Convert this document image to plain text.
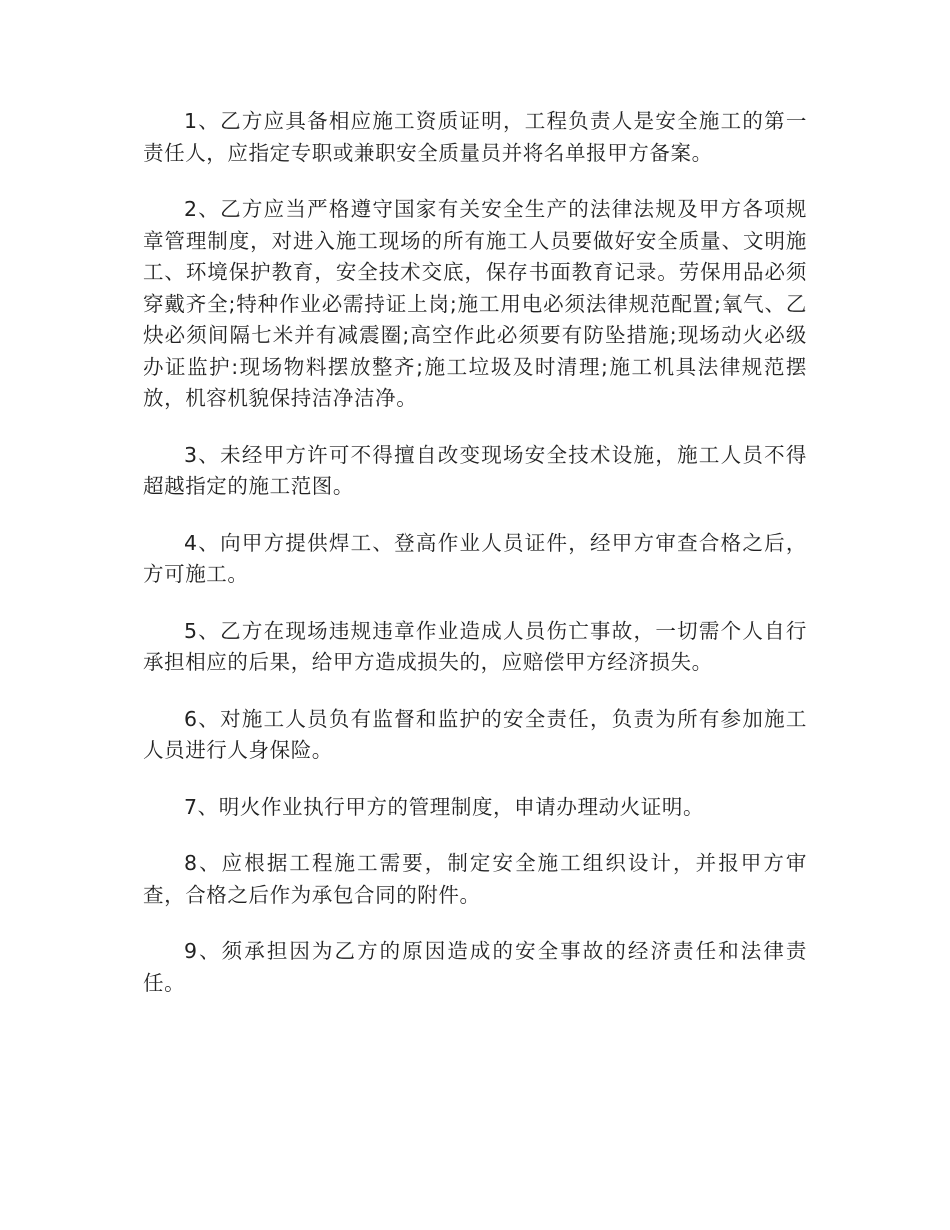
1、乙方应具备相应施工资质证明，工程负责人是安全施工的第一责任人，应指定专职或兼职安全质量员并将名单报甲方备案。

2、乙方应当严格遵守国家有关安全生产的法律法规及甲方各项规章管理制度，对进入施工现场的所有施工人员要做好安全质量、文明施工、环境保护教育，安全技术交底，保存书面教育记录。劳保用品必须穿戴齐全;特种作业必需持证上岗;施工用电必须法律规范配置;氧气、乙炔必须间隔七米并有减震圈;高空作此必须要有防坠措施;现场动火必级办证监护:现场物料摆放整齐;施工垃圾及时清理;施工机具法律规范摆放，机容机貌保持洁净洁净。

3、未经甲方许可不得擅自改变现场安全技术设施，施工人员不得超越指定的施工范图。

4、向甲方提供焊工、登高作业人员证件，经甲方审查合格之后，方可施工。

5、乙方在现场违规违章作业造成人员伤亡事故，一切需个人自行承担相应的后果，给甲方造成损失的，应赔偿甲方经济损失。

6、对施工人员负有监督和监护的安全责任，负责为所有参加施工人员进行人身保险。

7、明火作业执行甲方的管理制度，申请办理动火证明。

8、应根据工程施工需要，制定安全施工组织设计，并报甲方审查，合格之后作为承包合同的附件。

9、须承担因为乙方的原因造成的安全事故的经济责任和法律责任。
